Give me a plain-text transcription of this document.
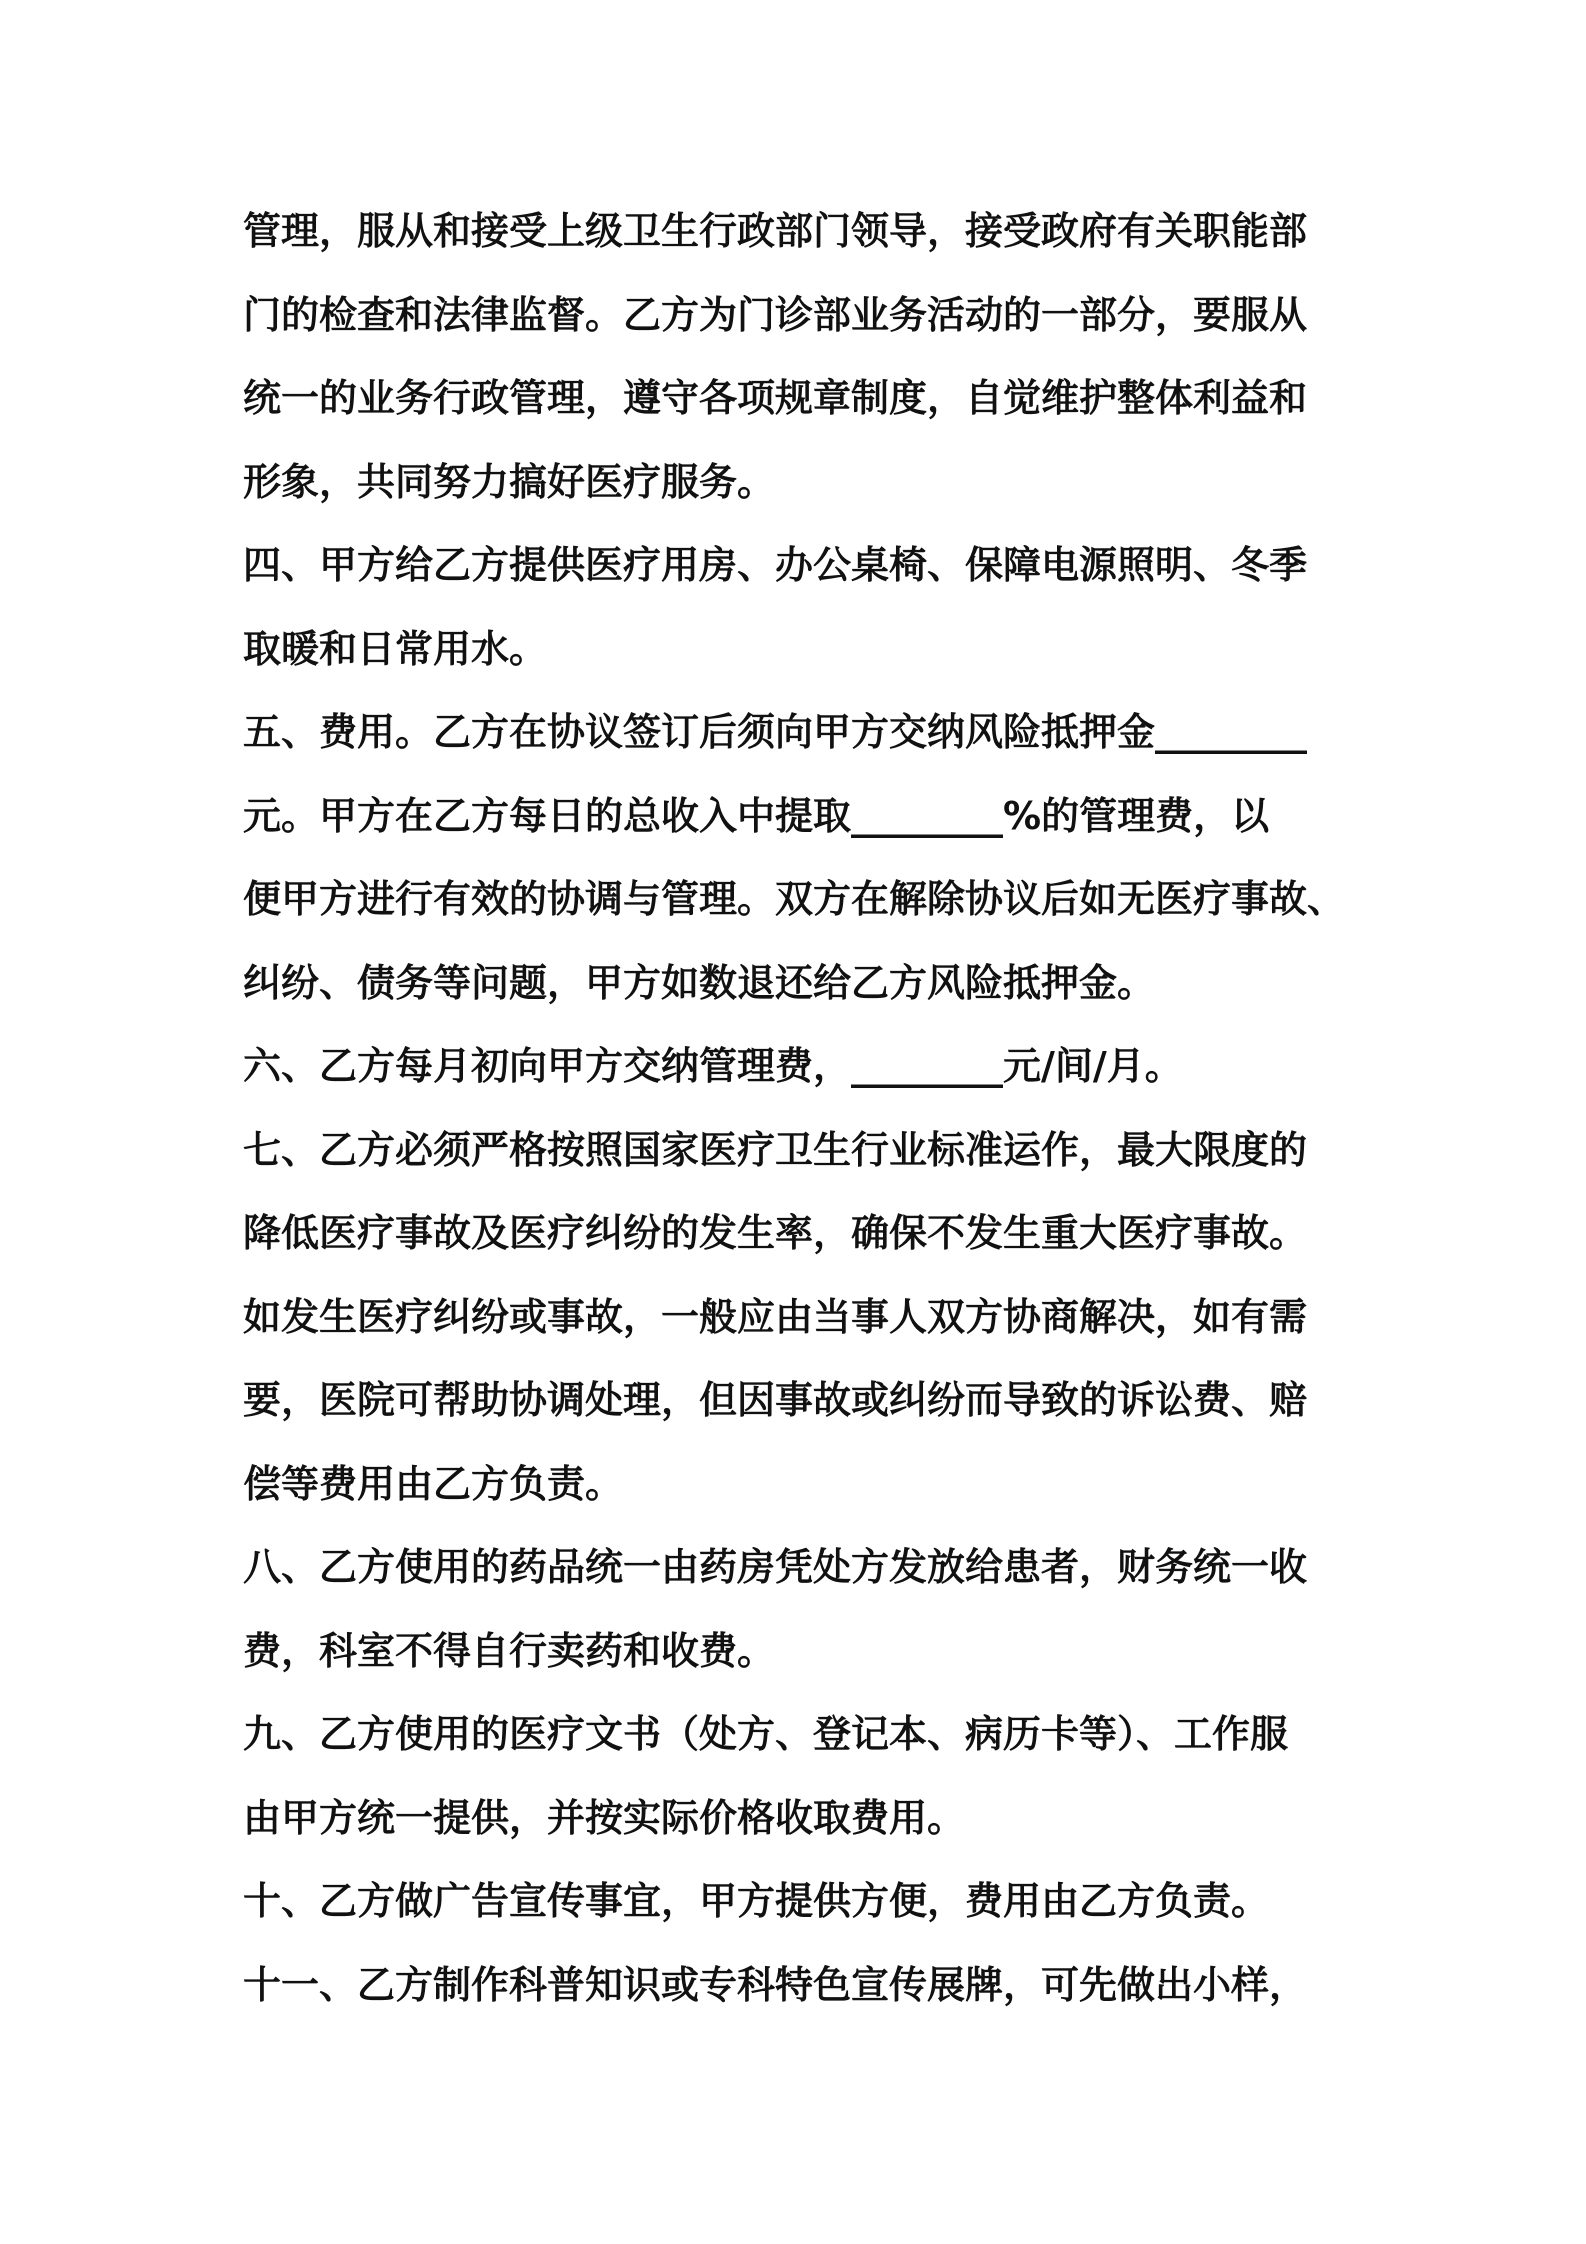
管理，服从和接受上级卫生行政部门领导，接受政府有关职能部
门的检查和法律监督。乙方为门诊部业务活动的一部分，要服从
统一的业务行政管理，遵守各项规章制度，自觉维护整体利益和
形象，共同努力搞好医疗服务。
四、甲方给乙方提供医疗用房、办公桌椅、保障电源照明、冬季
取暖和日常用水。
五、费用。乙方在协议签订后须向甲方交纳风险抵押金________
元。甲方在乙方每日的总收入中提取________%的管理费，以
便甲方进行有效的协调与管理。双方在解除协议后如无医疗事故、
纠纷、债务等问题，甲方如数退还给乙方风险抵押金。
六、乙方每月初向甲方交纳管理费，________元/间/月。
七、乙方必须严格按照国家医疗卫生行业标准运作，最大限度的
降低医疗事故及医疗纠纷的发生率，确保不发生重大医疗事故。
如发生医疗纠纷或事故，一般应由当事人双方协商解决，如有需
要，医院可帮助协调处理，但因事故或纠纷而导致的诉讼费、赔
偿等费用由乙方负责。
八、乙方使用的药品统一由药房凭处方发放给患者，财务统一收
费，科室不得自行卖药和收费。
九、乙方使用的医疗文书（处方、登记本、病历卡等）、工作服
由甲方统一提供，并按实际价格收取费用。
十、乙方做广告宣传事宜，甲方提供方便，费用由乙方负责。
十一、乙方制作科普知识或专科特色宣传展牌，可先做出小样，
